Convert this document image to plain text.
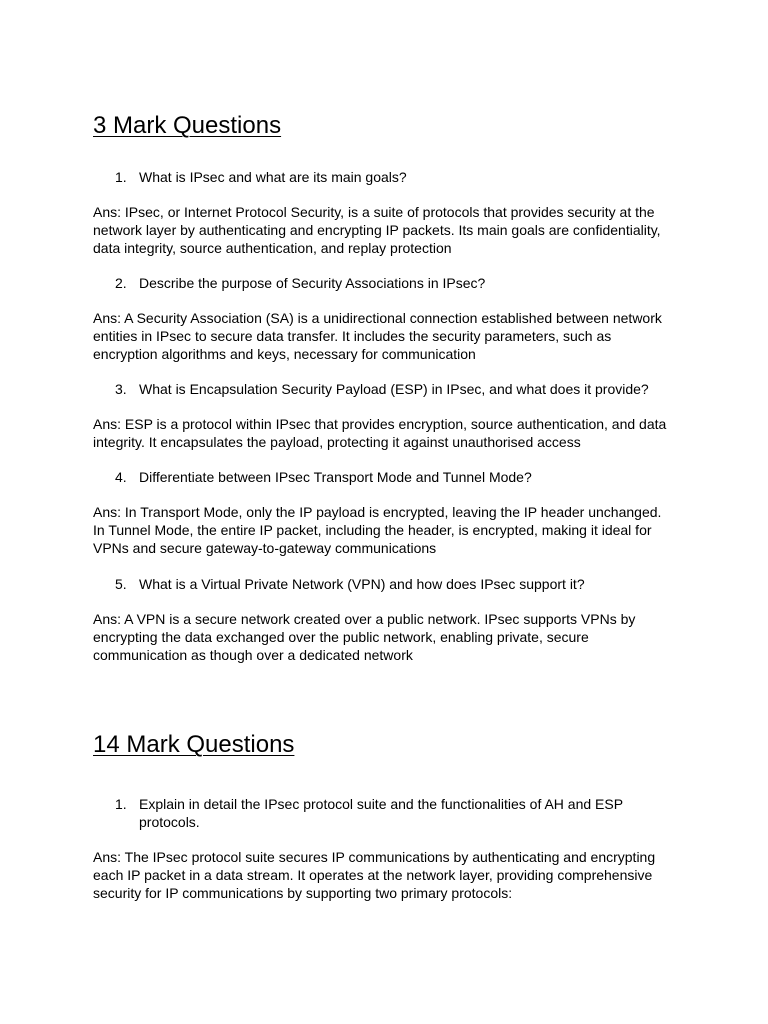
3 Mark Questions
1. What is IPsec and what are its main goals?
Ans: IPsec, or Internet Protocol Security, is a suite of protocols that provides security at the
network layer by authenticating and encrypting IP packets. Its main goals are confidentiality,
data integrity, source authentication, and replay protection
2. Describe the purpose of Security Associations in IPsec?
Ans: A Security Association (SA) is a unidirectional connection established between network
entities in IPsec to secure data transfer. It includes the security parameters, such as
encryption algorithms and keys, necessary for communication
3. What is Encapsulation Security Payload (ESP) in IPsec, and what does it provide?
Ans: ESP is a protocol within IPsec that provides encryption, source authentication, and data
integrity. It encapsulates the payload, protecting it against unauthorised access
4. Differentiate between IPsec Transport Mode and Tunnel Mode?
Ans: In Transport Mode, only the IP payload is encrypted, leaving the IP header unchanged.
In Tunnel Mode, the entire IP packet, including the header, is encrypted, making it ideal for
VPNs and secure gateway-to-gateway communications
5. What is a Virtual Private Network (VPN) and how does IPsec support it?
Ans: A VPN is a secure network created over a public network. IPsec supports VPNs by
encrypting the data exchanged over the public network, enabling private, secure
communication as though over a dedicated network
14 Mark Questions
1. Explain in detail the IPsec protocol suite and the functionalities of AH and ESP
protocols.
Ans: The IPsec protocol suite secures IP communications by authenticating and encrypting
each IP packet in a data stream. It operates at the network layer, providing comprehensive
security for IP communications by supporting two primary protocols:
